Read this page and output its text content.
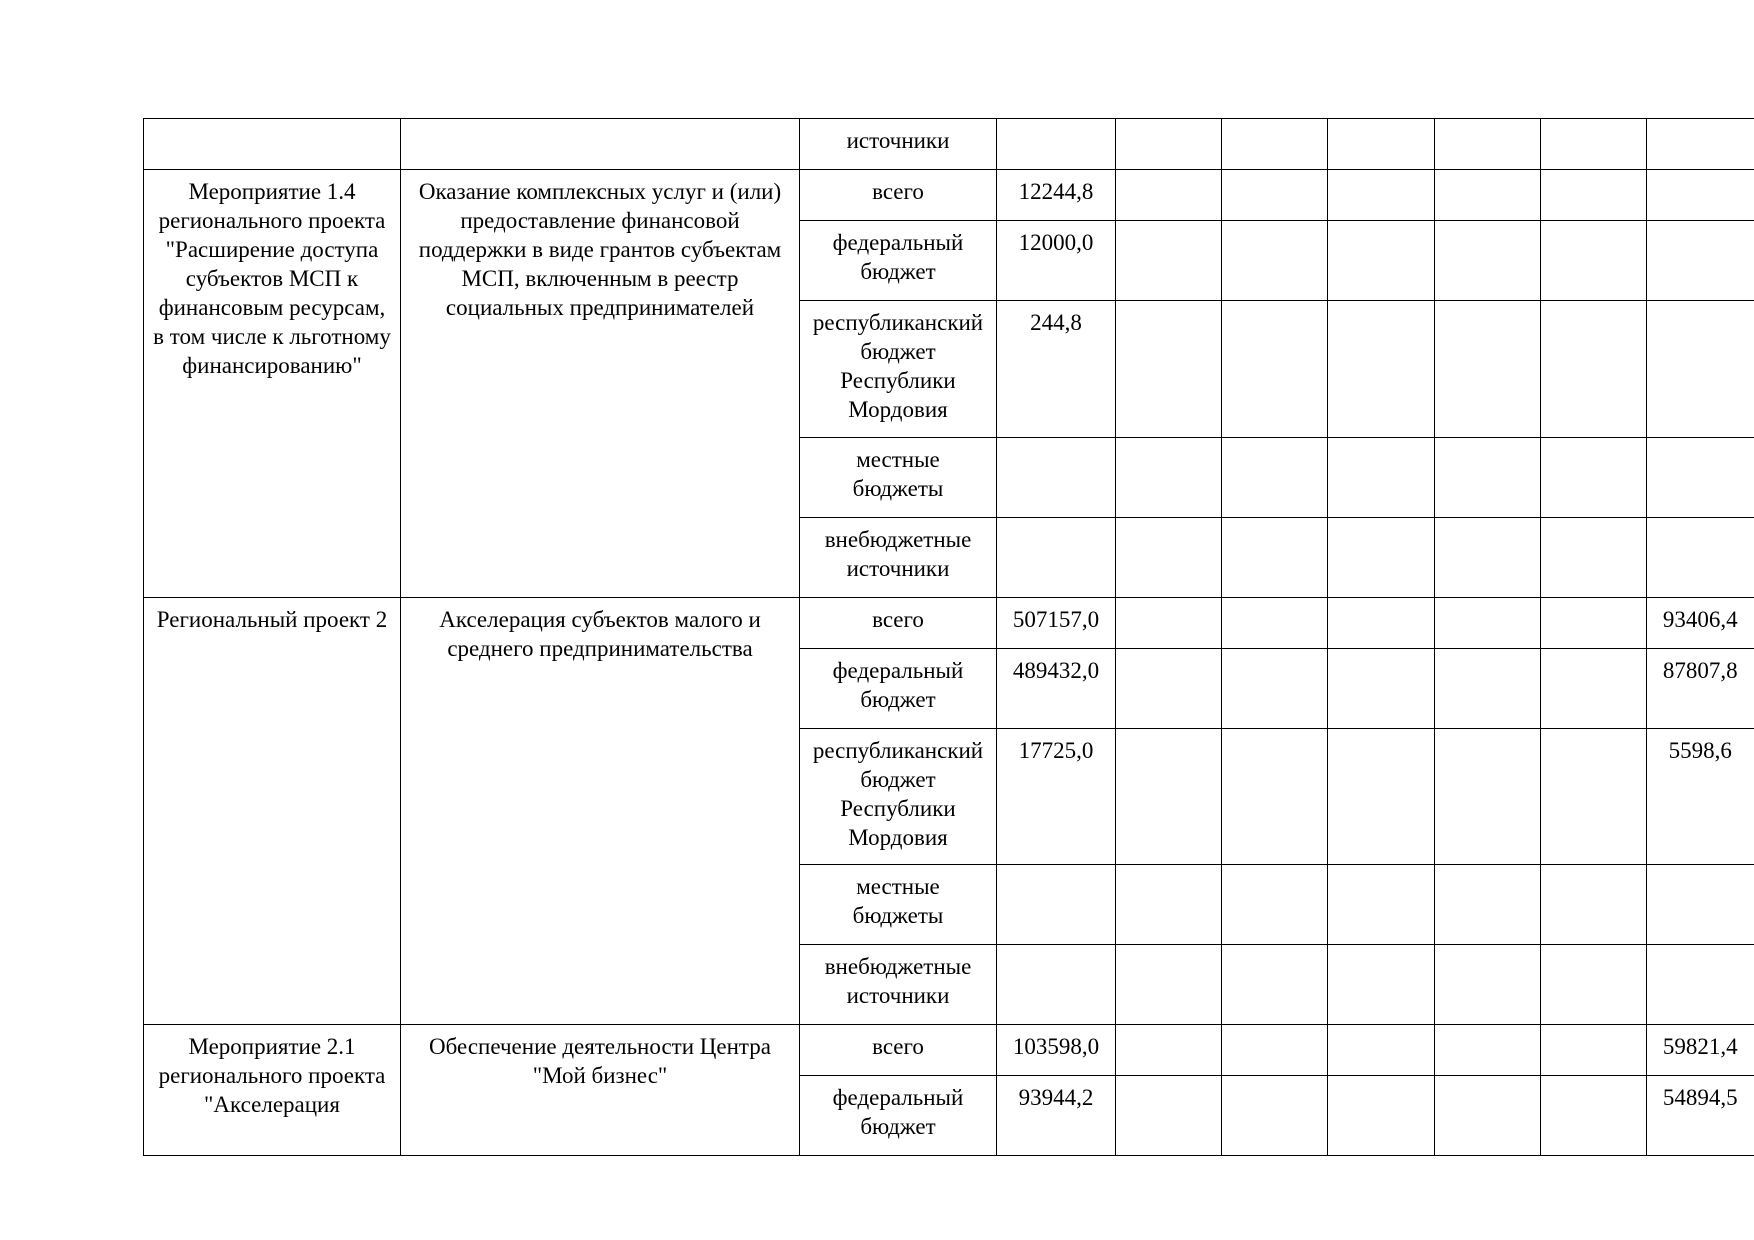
		источники							
Мероприятие 1.4 регионального проекта "Расширение доступа субъектов МСП к финансовым ресурсам, в том числе к льготному финансированию"	Оказание комплексных услуг и (или) предоставление финансовой поддержки в виде грантов субъектам МСП, включенным в реестр социальных предпринимателей	всего	12244,8						
		федеральный бюджет	12000,0						
		республиканский бюджет Республики Мордовия	244,8						
		местные бюджеты							
		внебюджетные источники							
Региональный проект 2	Акселерация субъектов малого и среднего предпринимательства	всего	507157,0						93406,4
		федеральный бюджет	489432,0						87807,8
		республиканский бюджет Республики Мордовия	17725,0						5598,6
		местные бюджеты							
		внебюджетные источники							
Мероприятие 2.1 регионального проекта "Акселерация	Обеспечение деятельности Центра "Мой бизнес"	всего	103598,0						59821,4
		федеральный бюджет	93944,2						54894,5
